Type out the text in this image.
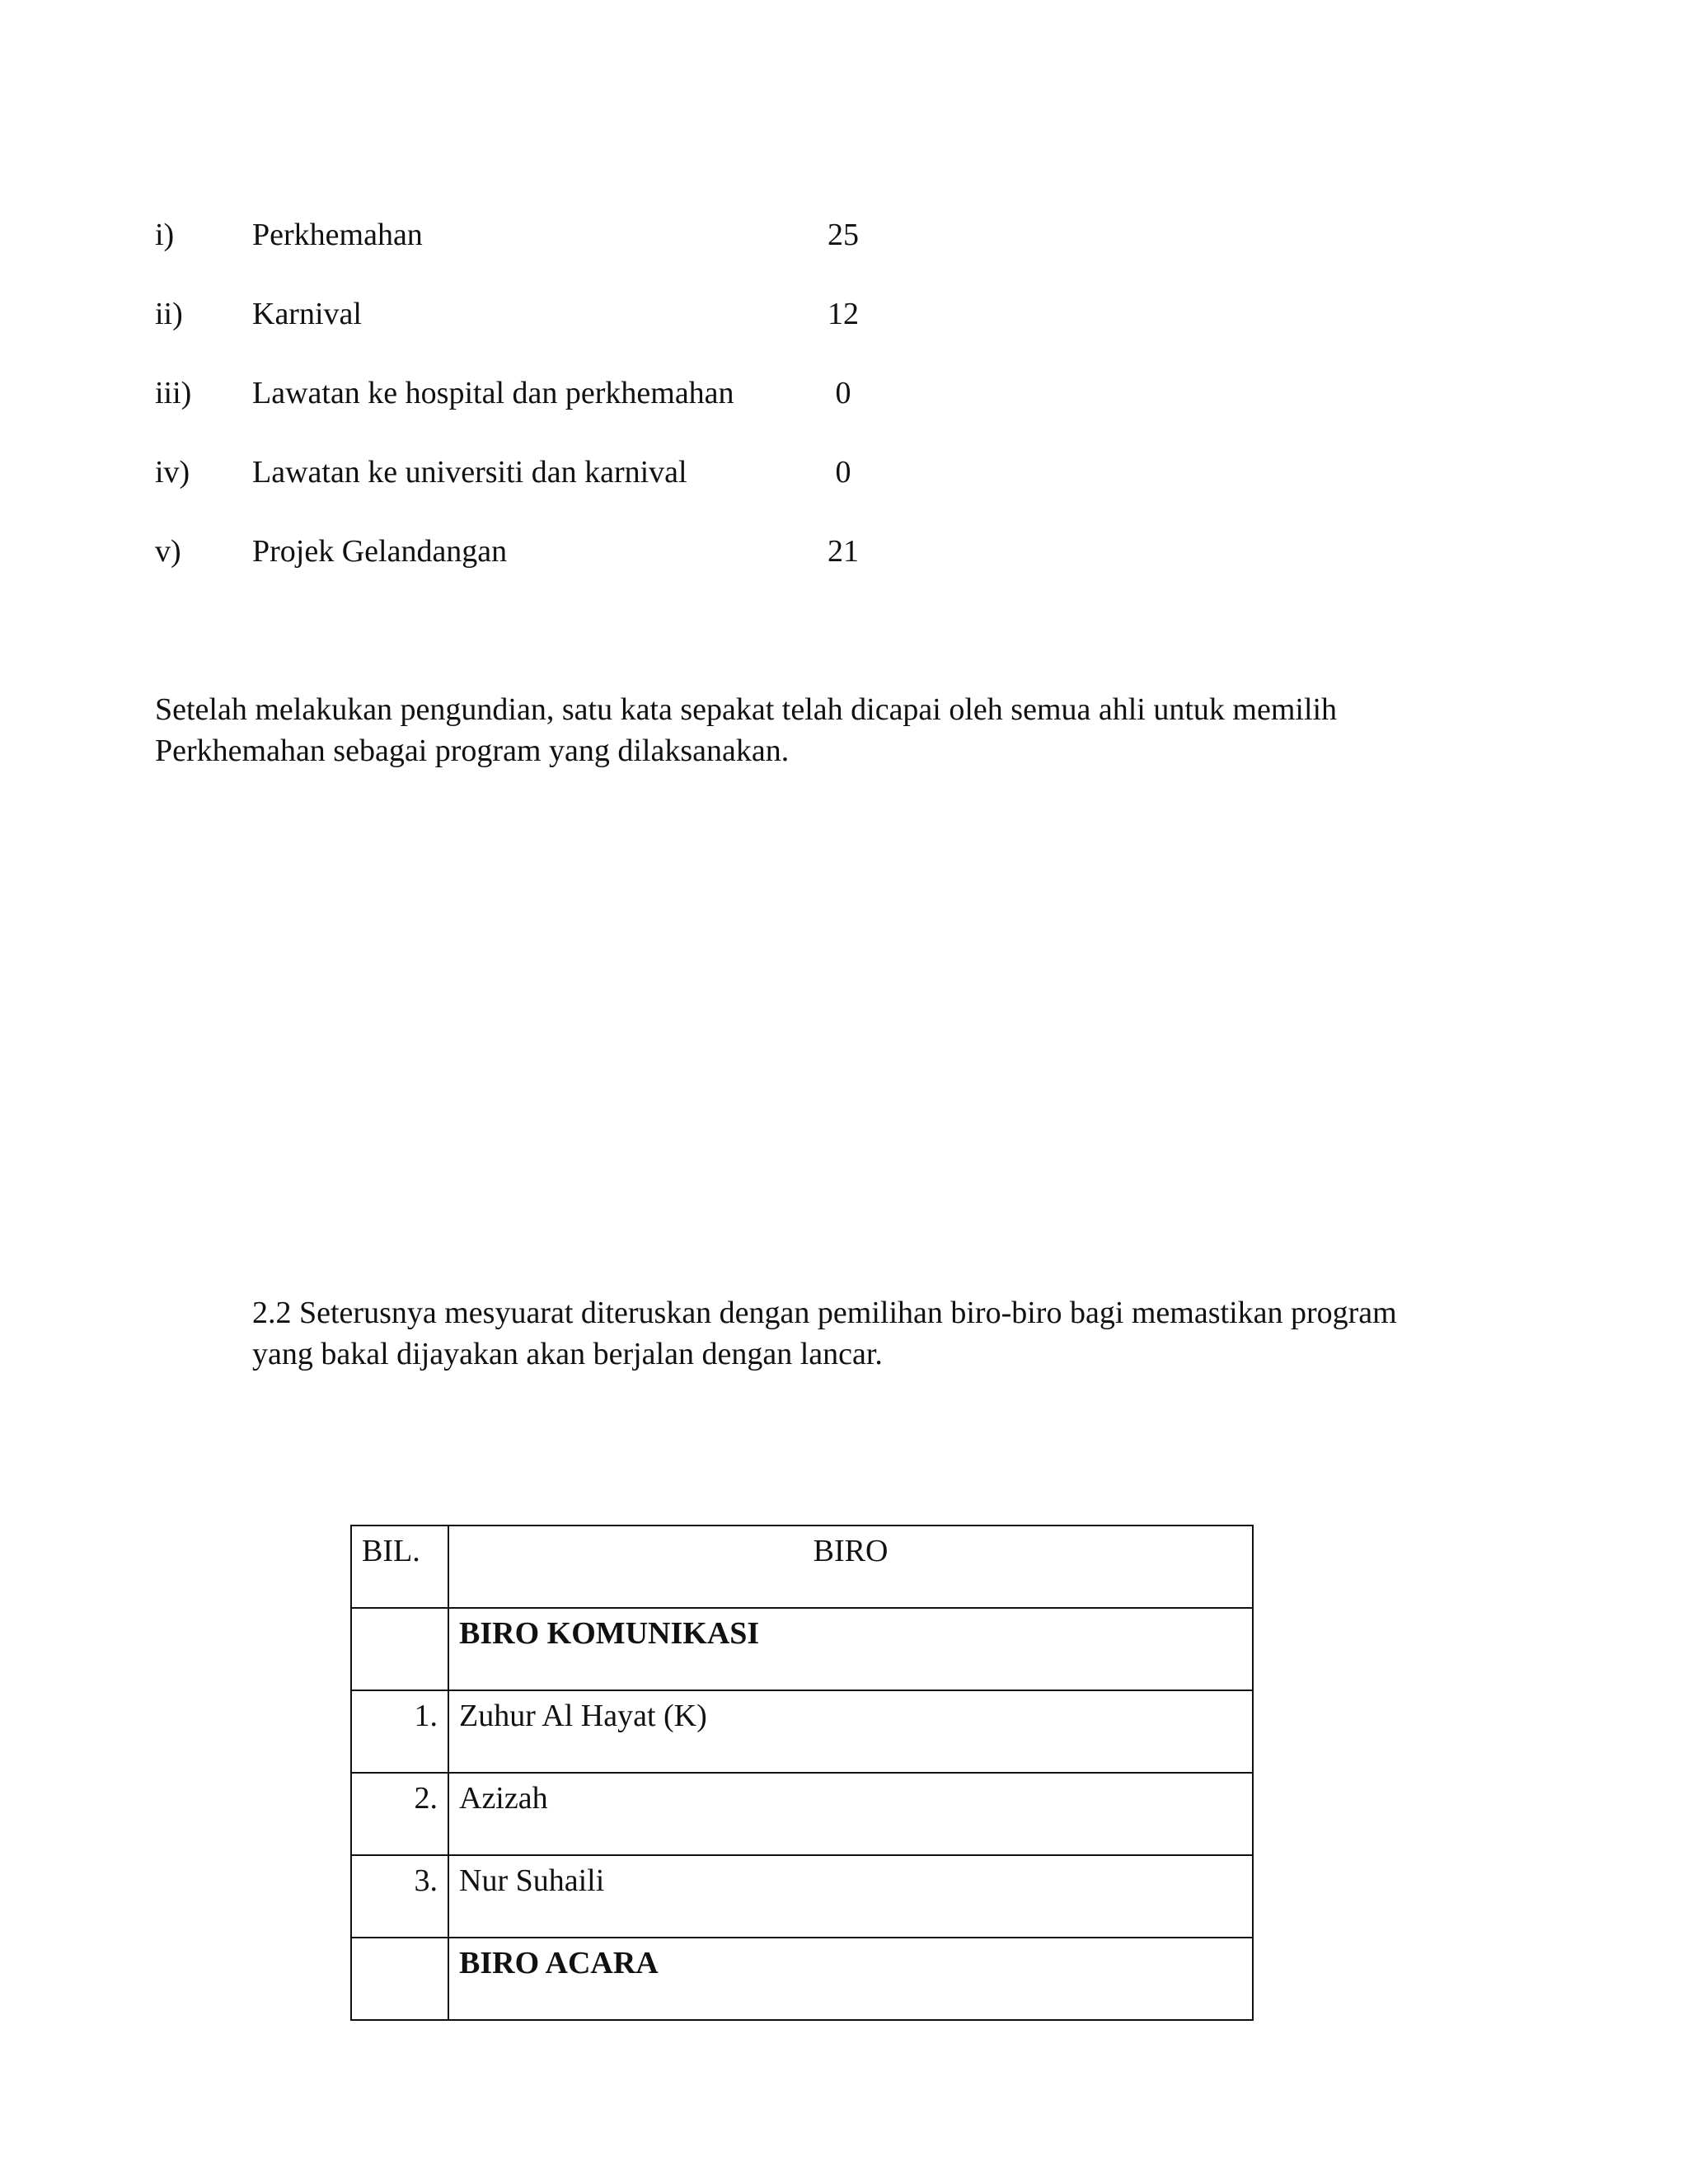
i) Perkhemahan	25
ii) Karnival	12
iii) Lawatan ke hospital dan perkhemahan	0
iv) Lawatan ke universiti dan karnival	0
v) Projek Gelandangan	21

Setelah melakukan pengundian, satu kata sepakat telah dicapai oleh semua ahli untuk memilih Perkhemahan sebagai program yang dilaksanakan.

2.2 Seterusnya mesyuarat diteruskan dengan pemilihan biro-biro bagi memastikan program yang bakal dijayakan akan berjalan dengan lancar.

BIL.	BIRO
	BIRO KOMUNIKASI
1.	Zuhur Al Hayat (K)
2.	Azizah
3.	Nur Suhaili
	BIRO ACARA
